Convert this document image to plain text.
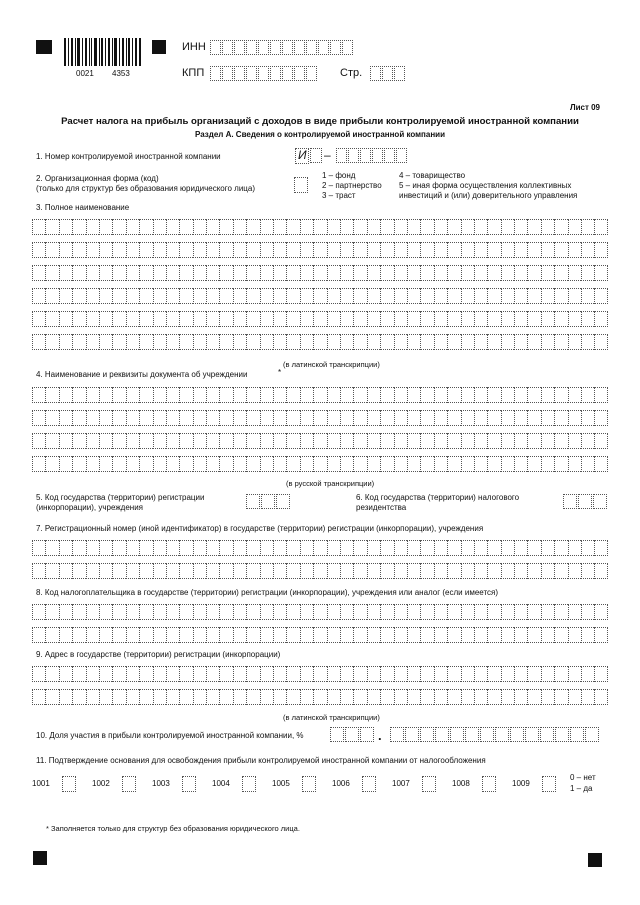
0021 4353
ИНН
КПП	Стр.
Лист 09
Расчет налога на прибыль организаций с доходов в виде прибыли контролируемой иностранной компании
Раздел А. Сведения о контролируемой иностранной компании
1. Номер контролируемой иностранной компании	И –
2. Организационная форма (код)
(только для структур без образования юридического лица)
1 – фонд
2 – партнерство
3 – траст
4 – товарищество
5 – иная форма осуществления коллективных
инвестиций и (или) доверительного управления
3. Полное наименование
(в латинской транскрипции)
4. Наименование и реквизиты документа об учреждении	*
(в русской транскрипции)
5. Код государства (территории) регистрации
(инкорпорации), учреждения
6. Код государства (территории) налогового
резидентства
7. Регистрационный номер (иной идентификатор) в государстве (территории) регистрации (инкорпорации), учреждения
8. Код налогоплательщика в государстве (территории) регистрации (инкорпорации), учреждения или аналог (если имеется)
9. Адрес в государстве (территории) регистрации (инкорпорации)
(в латинской транскрипции)
10. Доля участия в прибыли контролируемой иностранной компании, %	.
11. Подтверждение основания для освобождения прибыли контролируемой иностранной компании от налогообложения
1001	1002	1003	1004	1005	1006	1007	1008	1009
0 – нет
1 – да
* Заполняется только для структур без образования юридического лица.
